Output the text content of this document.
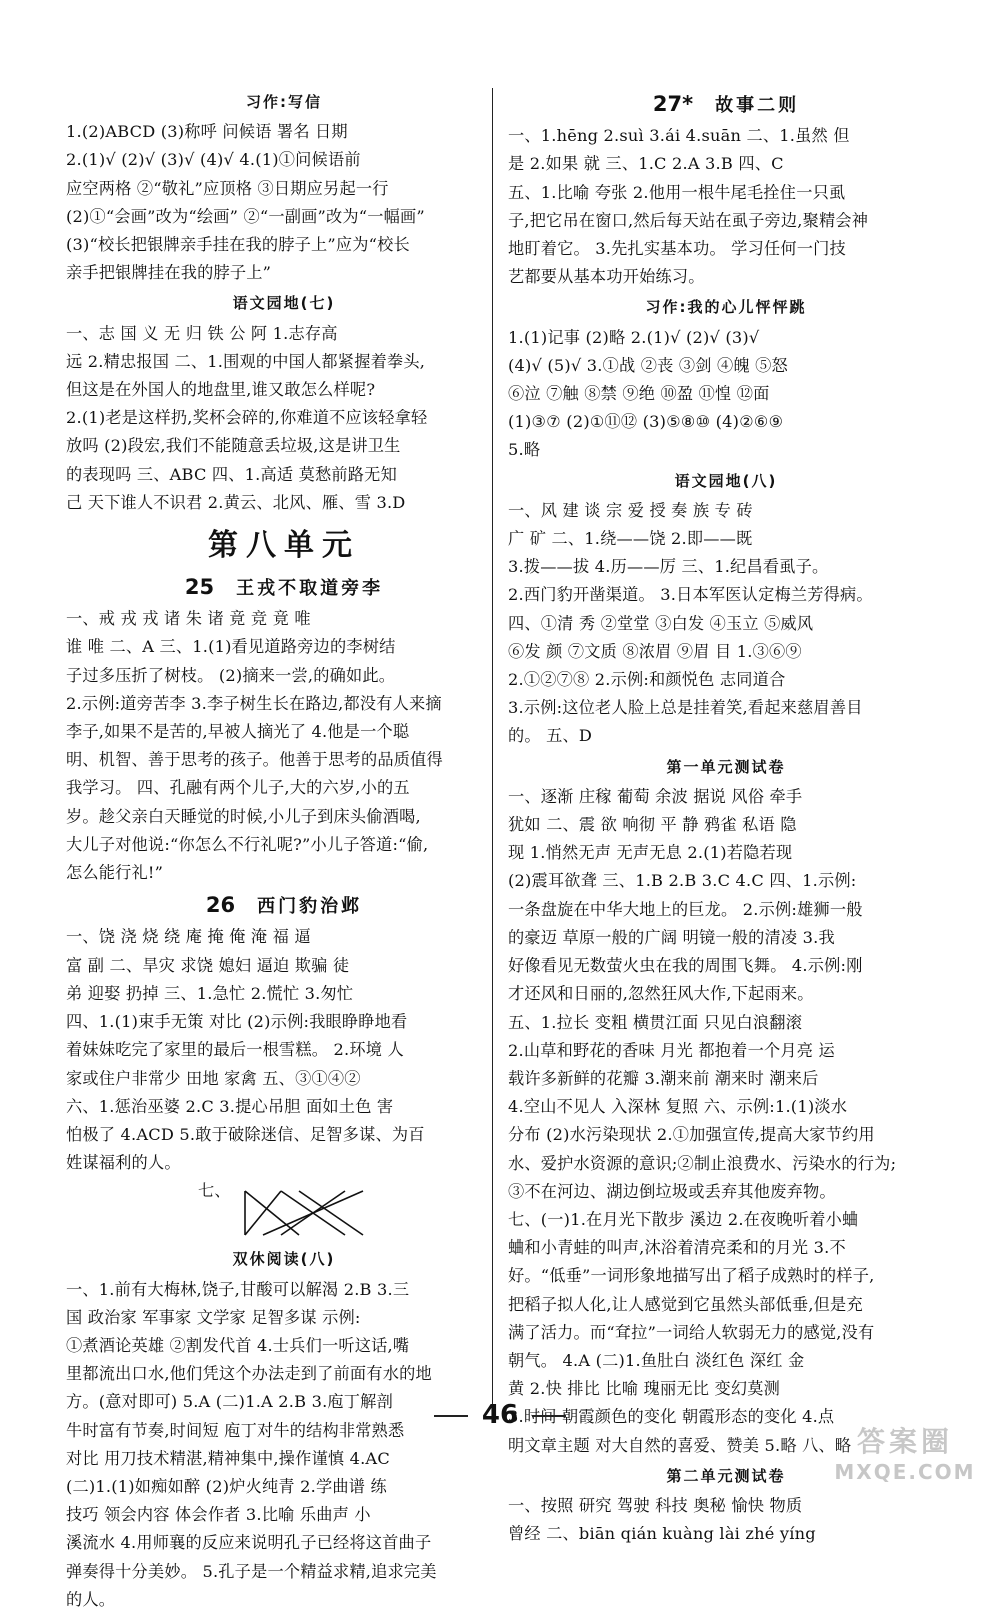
习作:写信

1.(2)ABCD (3)称呼 问候语 署名 日期

2.(1)√ (2)√ (3)√ (4)√ 4.(1)①问候语前

应空两格 ②“敬礼”应顶格 ③日期应另起一行

(2)①“会画”改为“绘画” ②“一副画”改为“一幅画”

(3)“校长把银牌亲手挂在我的脖子上”应为“校长

亲手把银牌挂在我的脖子上”

语文园地(七)

一、志 国 义 无 归 铁 公 阿 1.志存高

远 2.精忠报国 二、1.围观的中国人都紧握着拳头,

但这是在外国人的地盘里,谁又敢怎么样呢?

2.(1)老是这样扔,奖杯会碎的,你难道不应该轻拿轻

放吗 (2)段宏,我们不能随意丢垃圾,这是讲卫生

的表现吗 三、ABC 四、1.高适 莫愁前路无知

己 天下谁人不识君 2.黄云、北风、雁、雪 3.D

第八单元
25 王戎不取道旁李

一、戒 戎 戎 诸 朱 诸 竟 竞 竟 唯

谁 唯 二、A 三、1.(1)看见道路旁边的李树结

子过多压折了树枝。 (2)摘来一尝,的确如此。

2.示例:道旁苦李 3.李子树生长在路边,都没有人来摘

李子,如果不是苦的,早被人摘光了 4.他是一个聪

明、机智、善于思考的孩子。他善于思考的品质值得

我学习。 四、孔融有两个儿子,大的六岁,小的五

岁。趁父亲白天睡觉的时候,小儿子到床头偷酒喝,

大儿子对他说:“你怎么不行礼呢?”小儿子答道:“偷,

怎么能行礼!”

26 西门豹治邺

一、饶 浇 烧 绕 庵 掩 俺 淹 福 逼

富 副 二、旱灾 求饶 媳妇 逼迫 欺骗 徒

弟 迎娶 扔掉 三、1.急忙 2.慌忙 3.匆忙

四、1.(1)束手无策 对比 (2)示例:我眼睁睁地看

着妹妹吃完了家里的最后一根雪糕。 2.环境 人

家或住户非常少 田地 家禽 五、③①④②

六、1.惩治巫婆 2.C 3.提心吊胆 面如土色 害

怕极了 4.ACD 5.敢于破除迷信、足智多谋、为百

姓谋福利的人。

七、
双休阅读(八)

一、1.前有大梅林,饶子,甘酸可以解渴 2.B 3.三

国 政治家 军事家 文学家 足智多谋 示例:

①煮酒论英雄 ②割发代首 4.士兵们一听这话,嘴

里都流出口水,他们凭这个办法走到了前面有水的地

方。(意对即可) 5.A (二)1.A 2.B 3.庖丁解剖

牛时富有节奏,时间短 庖丁对牛的结构非常熟悉

对比 用刀技术精湛,精神集中,操作谨慎 4.AC

(二)1.(1)如痴如醉 (2)炉火纯青 2.学曲谱 练

技巧 领会内容 体会作者 3.比喻 乐曲声 小

溪流水 4.用师襄的反应来说明孔子已经将这首曲子

弹奏得十分美妙。 5.孔子是一个精益求精,追求完美

的人。

27* 故事二则

一、1.hēng 2.suì 3.ái 4.suān 二、1.虽然 但

是 2.如果 就 三、1.C 2.A 3.B 四、C

五、1.比喻 夸张 2.他用一根牛尾毛拴住一只虱

子,把它吊在窗口,然后每天站在虱子旁边,聚精会神

地盯着它。 3.先扎实基本功。 学习任何一门技

艺都要从基本功开始练习。

习作:我的心儿怦怦跳

1.(1)记事 (2)略 2.(1)√ (2)√ (3)√

(4)√ (5)√ 3.①战 ②丧 ③剑 ④魄 ⑤怒

⑥泣 ⑦触 ⑧禁 ⑨绝 ⑩盈 ⑪惶 ⑫面

(1)③⑦ (2)①⑪⑫ (3)⑤⑧⑩ (4)②⑥⑨

5.略

语文园地(八)

一、风 建 谈 宗 爱 授 奏 族 专 砖

广 矿 二、1.绕——饶 2.即——既

3.拨——拔 4.历——厉 三、1.纪昌看虱子。

2.西门豹开凿渠道。 3.日本军医认定梅兰芳得病。

四、①清 秀 ②堂堂 ③白发 ④玉立 ⑤威风

⑥发 颜 ⑦文质 ⑧浓眉 ⑨眉 目 1.③⑥⑨

2.①②⑦⑧ 2.示例:和颜悦色 志同道合

3.示例:这位老人脸上总是挂着笑,看起来慈眉善目

的。 五、D

第一单元测试卷

一、逐渐 庄稼 葡萄 余波 据说 风俗 牵手

犹如 二、震 欲 响彻 平 静 鸦雀 私语 隐

现 1.悄然无声 无声无息 2.(1)若隐若现

(2)震耳欲聋 三、1.B 2.B 3.C 4.C 四、1.示例:

一条盘旋在中华大地上的巨龙。 2.示例:雄狮一般

的豪迈 草原一般的广阔 明镜一般的清凌 3.我

好像看见无数萤火虫在我的周围飞舞。 4.示例:刚

才还风和日丽的,忽然狂风大作,下起雨来。

五、1.拉长 变粗 横贯江面 只见白浪翻滚

2.山草和野花的香味 月光 都抱着一个月亮 运

载许多新鲜的花瓣 3.潮来前 潮来时 潮来后

4.空山不见人 入深林 复照 六、示例:1.(1)淡水

分布 (2)水污染现状 2.①加强宣传,提高大家节约用

水、爱护水资源的意识;②制止浪费水、污染水的行为;

③不在河边、湖边倒垃圾或丢弃其他废弃物。

七、(一)1.在月光下散步 溪边 2.在夜晚听着小蛐

蛐和小青蛙的叫声,沐浴着清亮柔和的月光 3.不

好。“低垂”一词形象地描写出了稻子成熟时的样子,

把稻子拟人化,让人感觉到它虽然头部低垂,但是充

满了活力。而“耷拉”一词给人软弱无力的感觉,没有

朝气。 4.A (二)1.鱼肚白 淡红色 深红 金

黄 2.快 排比 比喻 瑰丽无比 变幻莫测

3.时间 朝霞颜色的变化 朝霞形态的变化 4.点

明文章主题 对大自然的喜爱、赞美 5.略 八、略

第二单元测试卷

一、按照 研究 驾驶 科技 奥秘 愉快 物质

曾经 二、biān qián kuàng lài zhé yíng

46
答案圈
MXQE.COM
